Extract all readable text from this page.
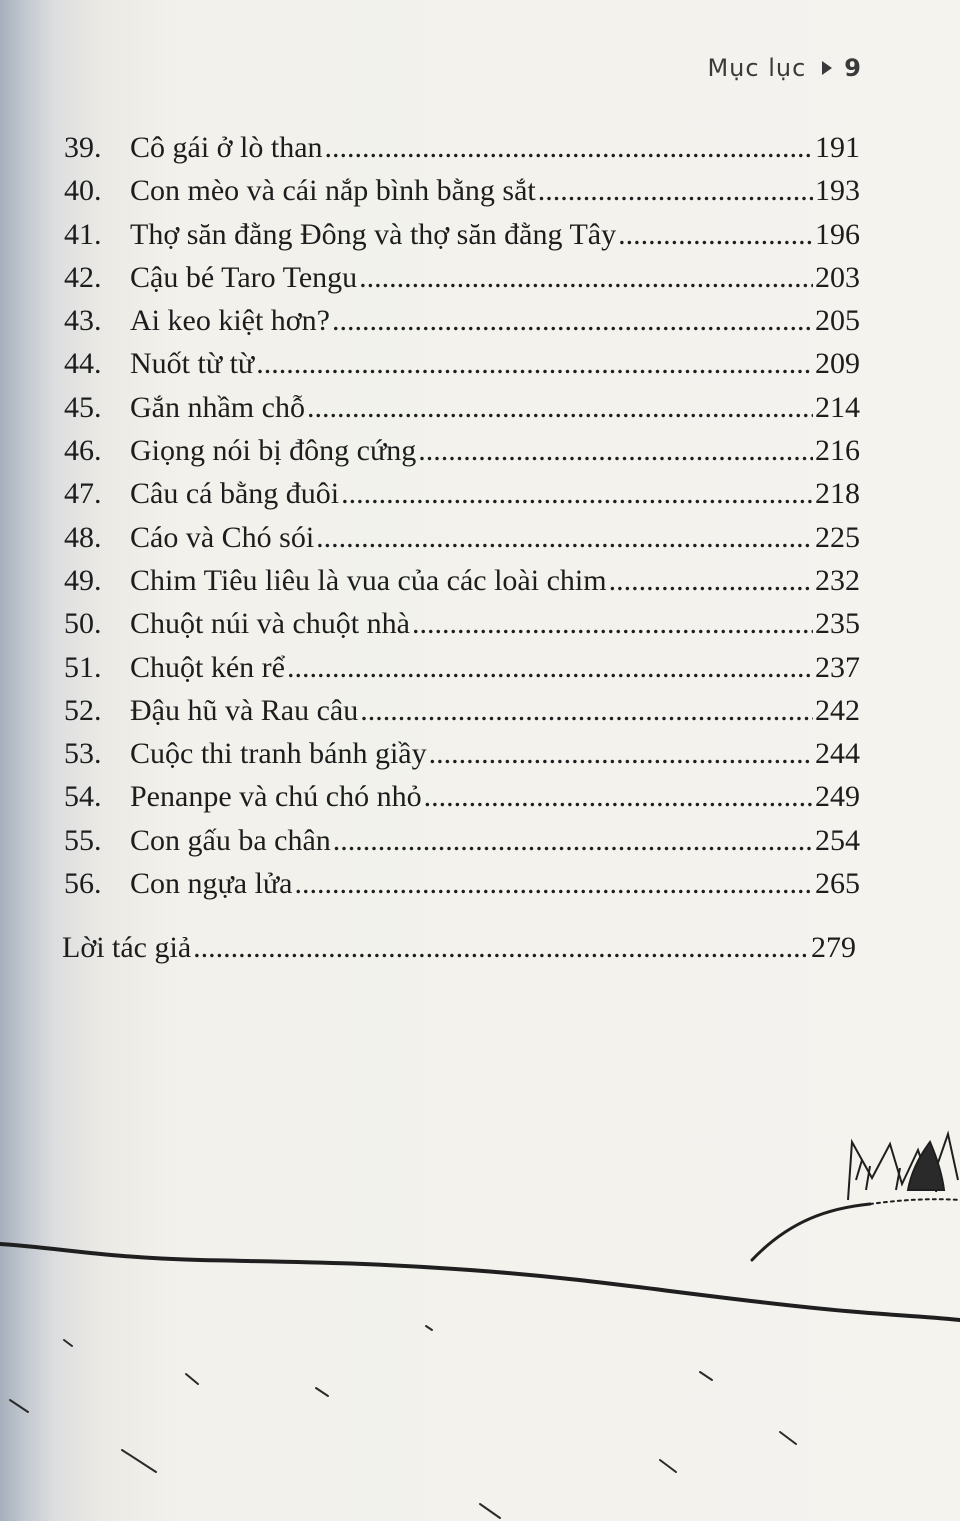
Mục lục 9
39. Cô gái ở lò than .....	191
40. Con mèo và cái nắp bình bằng sắt .....	193
41. Thợ săn đằng Đông và thợ săn đằng Tây .....	196
42. Cậu bé Taro Tengu .....	203
43. Ai keo kiệt hơn? .....	205
44. Nuốt từ từ .....	209
45. Gắn nhầm chỗ .....	214
46. Giọng nói bị đông cứng .....	216
47. Câu cá bằng đuôi .....	218
48. Cáo và Chó sói .....	225
49. Chim Tiêu liêu là vua của các loài chim .....	232
50. Chuột núi và chuột nhà .....	235
51. Chuột kén rể .....	237
52. Đậu hũ và Rau câu .....	242
53. Cuộc thi tranh bánh giầy .....	244
54. Penanpe và chú chó nhỏ .....	249
55. Con gấu ba chân .....	254
56. Con ngựa lửa .....	265
Lời tác giả .....	279
